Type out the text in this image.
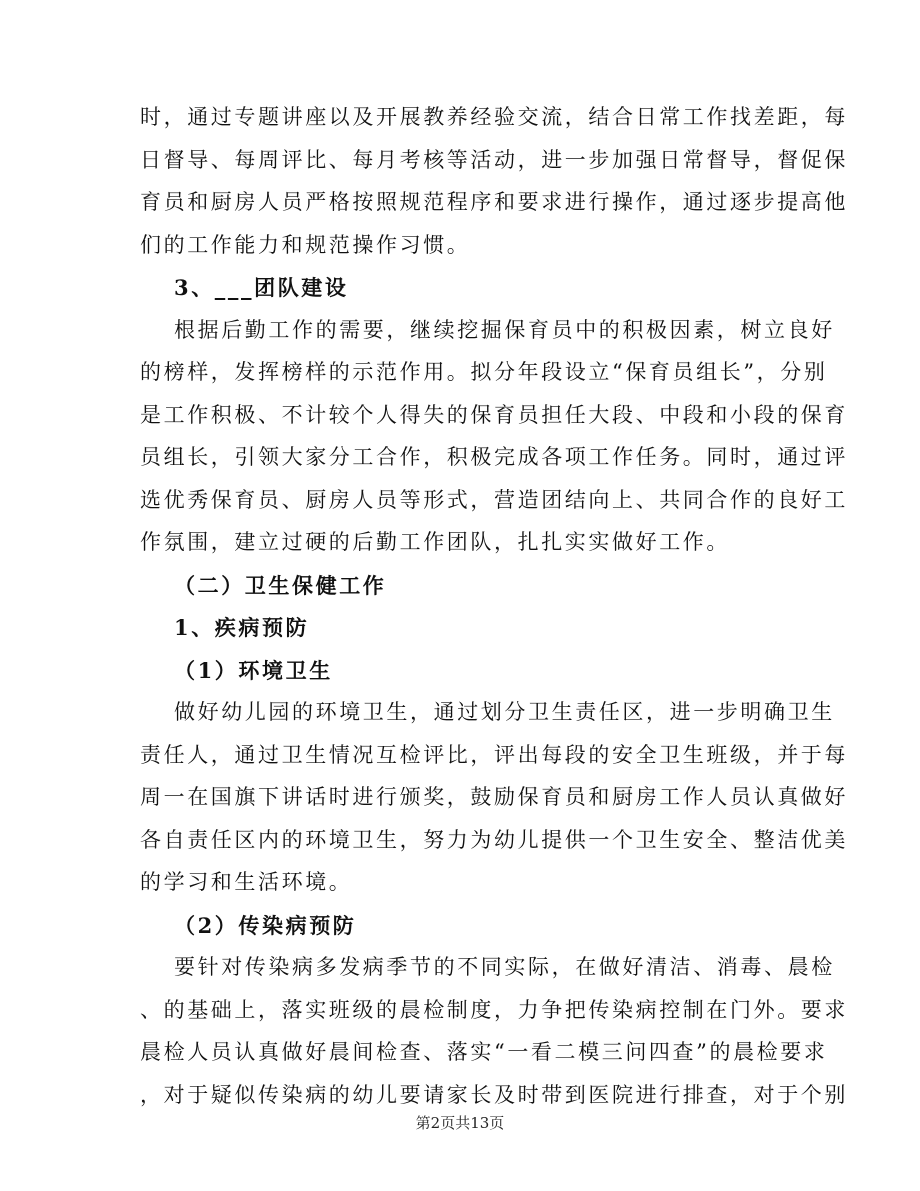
时，通过专题讲座以及开展教养经验交流，结合日常工作找差距，每
日督导、每周评比、每月考核等活动，进一步加强日常督导，督促保
育员和厨房人员严格按照规范程序和要求进行操作，通过逐步提高他
们的工作能力和规范操作习惯。
3、___团队建设
根据后勤工作的需要，继续挖掘保育员中的积极因素，树立良好
的榜样，发挥榜样的示范作用。拟分年段设立“保育员组长”，分别
是工作积极、不计较个人得失的保育员担任大段、中段和小段的保育
员组长，引领大家分工合作，积极完成各项工作任务。同时，通过评
选优秀保育员、厨房人员等形式，营造团结向上、共同合作的良好工
作氛围，建立过硬的后勤工作团队，扎扎实实做好工作。
（二）卫生保健工作
1、疾病预防
（1）环境卫生
做好幼儿园的环境卫生，通过划分卫生责任区，进一步明确卫生
责任人，通过卫生情况互检评比，评出每段的安全卫生班级，并于每
周一在国旗下讲话时进行颁奖，鼓励保育员和厨房工作人员认真做好
各自责任区内的环境卫生，努力为幼儿提供一个卫生安全、整洁优美
的学习和生活环境。
（2）传染病预防
要针对传染病多发病季节的不同实际，在做好清洁、消毒、晨检
、的基础上，落实班级的晨检制度，力争把传染病控制在门外。要求
晨检人员认真做好晨间检查、落实“一看二模三问四查”的晨检要求
，对于疑似传染病的幼儿要请家长及时带到医院进行排查，对于个别
第2页共13页
